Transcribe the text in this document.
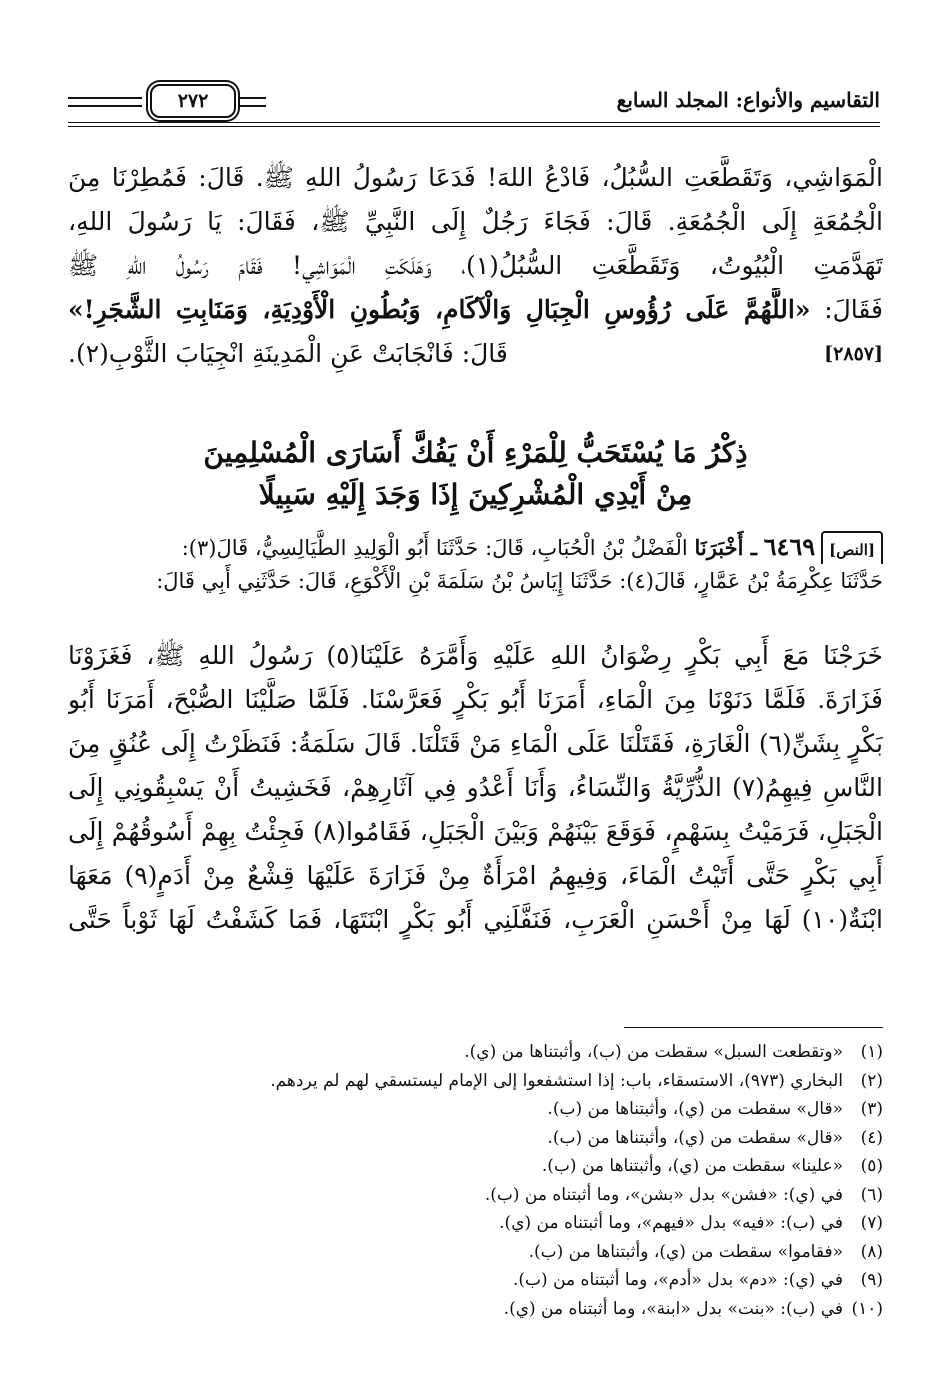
التقاسيم والأنواع: المجلد السابع
٢٧٢
الْمَوَاشِي، وَتَقَطَّعَتِ السُّبُلُ، فَادْعُ اللهَ! فَدَعَا رَسُولُ اللهِ ﷺ. قَالَ: فَمُطِرْنَا مِنَ
الْجُمُعَةِ إِلَى الْجُمُعَةِ. قَالَ: فَجَاءَ رَجُلٌ إِلَى النَّبِيِّ ﷺ، فَقَالَ: يَا رَسُولَ اللهِ،
تَهَدَّمَتِ الْبُيُوتُ، وَتَقَطَّعَتِ السُّبُلُ(١)، وَهَلَكَتِ الْمَوَاشِي! فَقَامَ رَسُولُ اللهِ ﷺ
فَقَالَ: «اللَّهُمَّ عَلَى رُؤُوسِ الْجِبَالِ وَالْآكَامِ، وَبُطُونِ الْأَوْدِيَةِ، وَمَنَابِتِ الشَّجَرِ!»
قَالَ: فَانْجَابَتْ عَنِ الْمَدِينَةِ انْجِيَابَ الثَّوْبِ(٢).	[٢٨٥٧]
ذِكْرُ مَا يُسْتَحَبُّ لِلْمَرْءِ أَنْ يَفُكَّ أَسَارَى الْمُسْلِمِينَ
مِنْ أَيْدِي الْمُشْرِكِينَ إِذَا وَجَدَ إِلَيْهِ سَبِيلًا
[النص]٦٤٦٩ ـ أَخْبَرَنَا الْفَضْلُ بْنُ الْحُبَابِ، قَالَ: حَدَّثَنَا أَبُو الْوَلِيدِ الطَّيَالِسِيُّ، قَالَ(٣):
حَدَّثَنَا عِكْرِمَةُ بْنُ عَمَّارٍ، قَالَ(٤): حَدَّثَنَا إِيَاسُ بْنُ سَلَمَةَ بْنِ الْأَكْوَعِ، قَالَ: حَدَّثَنِي أَبِي قَالَ:
خَرَجْنَا مَعَ أَبِي بَكْرٍ رِضْوَانُ اللهِ عَلَيْهِ وَأَمَّرَهُ عَلَيْنَا(٥) رَسُولُ اللهِ ﷺ، فَغَزَوْنَا
فَزَارَةَ. فَلَمَّا دَنَوْنَا مِنَ الْمَاءِ، أَمَرَنَا أَبُو بَكْرٍ فَعَرَّسْنَا. فَلَمَّا صَلَّيْنَا الصُّبْحَ، أَمَرَنَا أَبُو
بَكْرٍ بِشَنِّ(٦) الْغَارَةِ، فَقَتَلْنَا عَلَى الْمَاءِ مَنْ قَتَلْنَا. قَالَ سَلَمَةُ: فَنَظَرْتُ إِلَى عُنُقٍ مِنَ
النَّاسِ فِيهِمُ(٧) الذُّرِّيَّةُ وَالنِّسَاءُ، وَأَنَا أَعْدُو فِي آثَارِهِمْ، فَخَشِيتُ أَنْ يَسْبِقُونِي إِلَى
الْجَبَلِ، فَرَمَيْتُ بِسَهْمٍ، فَوَقَعَ بَيْنَهُمْ وَبَيْنَ الْجَبَلِ، فَقَامُوا(٨) فَجِئْتُ بِهِمْ أَسُوقُهُمْ إِلَى
أَبِي بَكْرٍ حَتَّى أَتَيْتُ الْمَاءَ، وَفِيهِمُ امْرَأَةٌ مِنْ فَزَارَةَ عَلَيْهَا قِشْعٌ مِنْ أَدَمٍ(٩) مَعَهَا
ابْنَةٌ(١٠) لَهَا مِنْ أَحْسَنِ الْعَرَبِ، فَنَفَّلَنِي أَبُو بَكْرٍ ابْنَتَهَا، فَمَا كَشَفْتُ لَهَا ثَوْباً حَتَّى
(١)«وتقطعت السبل» سقطت من (ب)، وأثبتناها من (ي).
(٢)البخاري (٩٧٣)، الاستسقاء، باب: إذا استشفعوا إلى الإمام ليستسقي لهم لم يردهم.
(٣)«قال» سقطت من (ي)، وأثبتناها من (ب).
(٤)«قال» سقطت من (ي)، وأثبتناها من (ب).
(٥)«علينا» سقطت من (ي)، وأثبتناها من (ب).
(٦)في (ي): «فشن» بدل «بشن»، وما أثبتناه من (ب).
(٧)في (ب): «فيه» بدل «فيهم»، وما أثبتناه من (ي).
(٨)«فقاموا» سقطت من (ي)، وأثبتناها من (ب).
(٩)في (ي): «دم» بدل «أدم»، وما أثبتناه من (ب).
(١٠)في (ب): «بنت» بدل «ابنة»، وما أثبتناه من (ي).
